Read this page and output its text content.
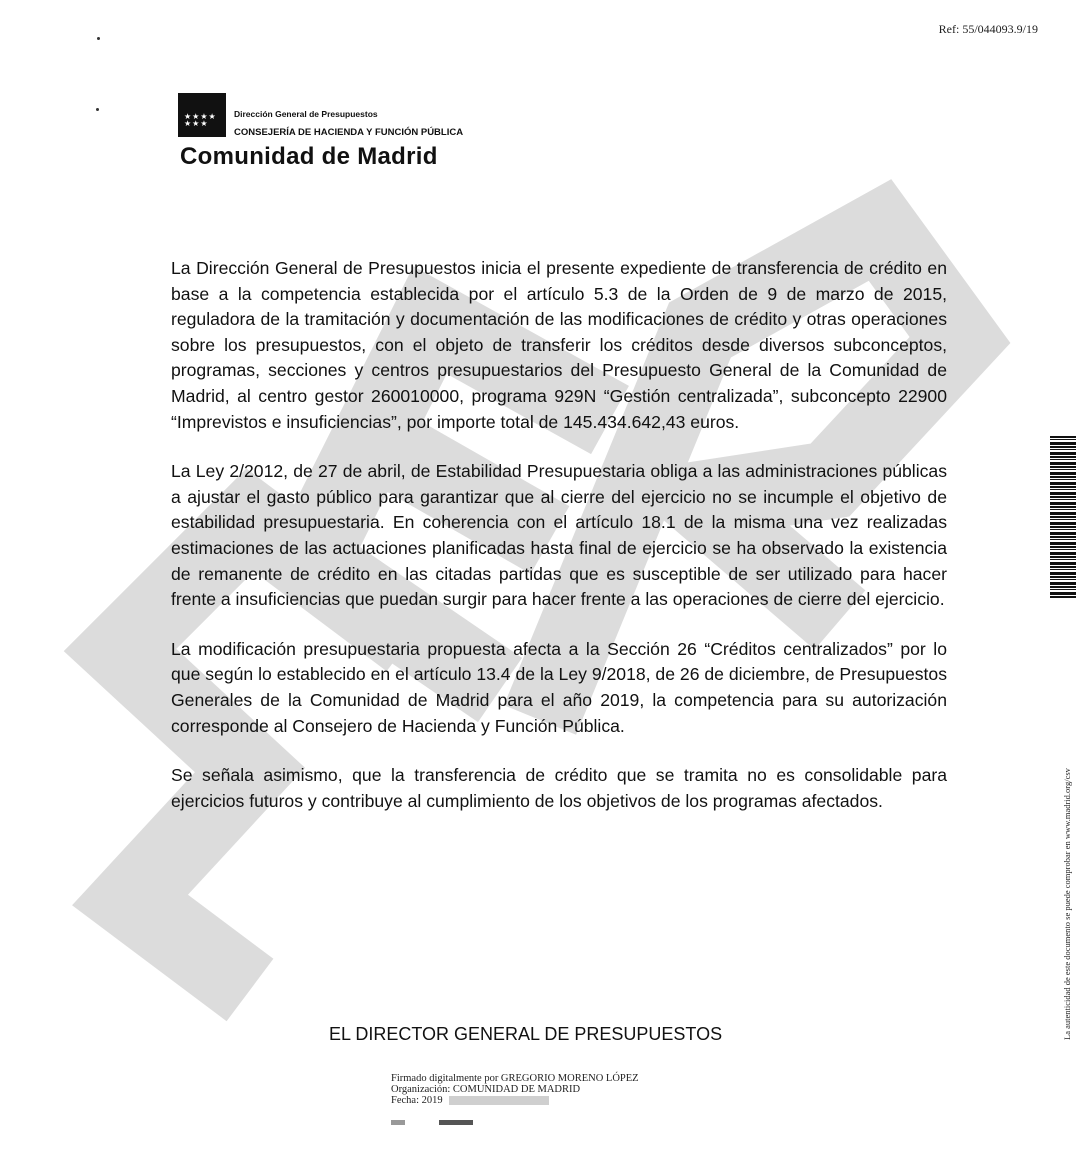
Ref: 55/044093.9/19
★★★★
★★★
Dirección General de Presupuestos
CONSEJERÍA DE HACIENDA Y FUNCIÓN PÚBLICA
Comunidad de Madrid

La Dirección General de Presupuestos inicia el presente expediente de transferencia de crédito en base a la competencia establecida por el artículo 5.3 de la Orden de 9 de marzo de 2015, reguladora de la tramitación y documentación de las modificaciones de crédito y otras operaciones sobre los presupuestos, con el objeto de transferir los créditos desde diversos subconceptos, programas, secciones y centros presupuestarios del Presupuesto General de la Comunidad de Madrid, al centro gestor 260010000, programa 929N “Gestión centralizada”, subconcepto 22900 “Imprevistos e insuficiencias”, por importe total de 145.434.642,43 euros.

La Ley 2/2012, de 27 de abril, de Estabilidad Presupuestaria obliga a las administraciones públicas a ajustar el gasto público para garantizar que al cierre del ejercicio no se incumple el objetivo de estabilidad presupuestaria. En coherencia con el artículo 18.1 de la misma una vez realizadas estimaciones de las actuaciones planificadas hasta final de ejercicio se ha observado la existencia de remanente de crédito en las citadas partidas que es susceptible de ser utilizado para hacer frente a insuficiencias que puedan surgir para hacer frente a las operaciones de cierre del ejercicio.

La modificación presupuestaria propuesta afecta a la Sección 26 “Créditos centralizados” por lo que según lo establecido en el artículo 13.4 de la Ley 9/2018, de 26 de diciembre, de Presupuestos Generales de la Comunidad de Madrid para el año 2019, la competencia para su autorización corresponde al Consejero de Hacienda y Función Pública.

Se señala asimismo, que la transferencia de crédito que se tramita no es consolidable para ejercicios futuros y contribuye al cumplimiento de los objetivos de los programas afectados.

EL DIRECTOR GENERAL DE PRESUPUESTOS
Firmado digitalmente por GREGORIO MORENO LÓPEZ
Organización: COMUNIDAD DE MADRID
Fecha: 2019
La autenticidad de este documento se puede comprobar en www.madrid.org/csv
